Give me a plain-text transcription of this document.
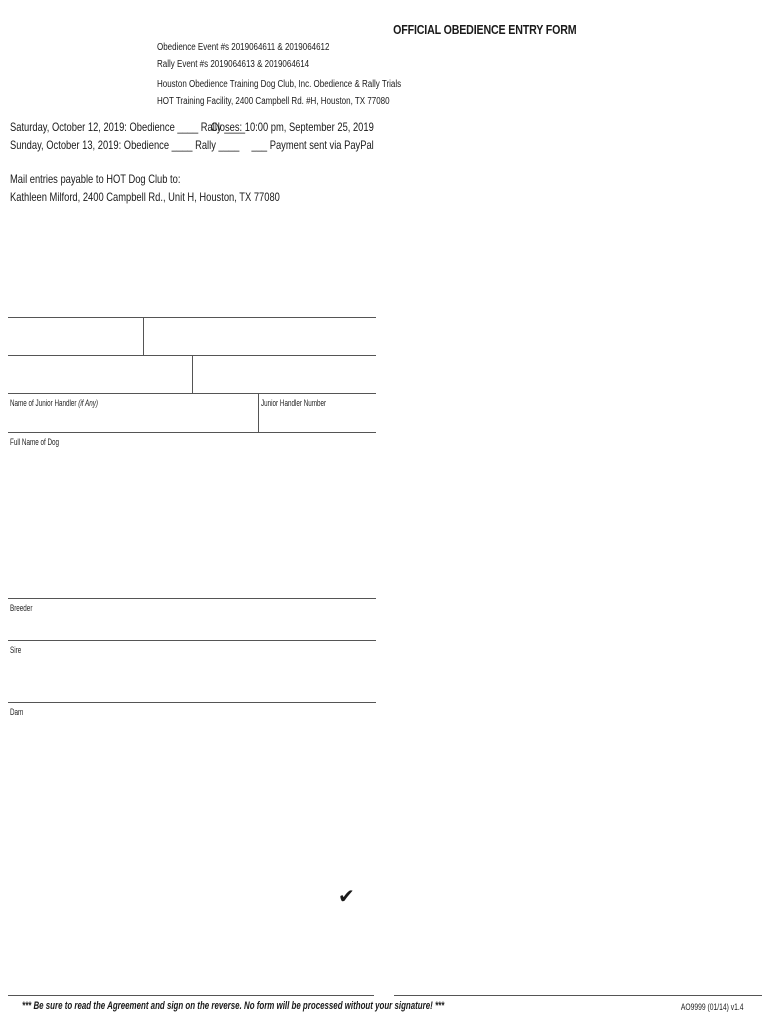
OFFICIAL OBEDIENCE ENTRY FORM
Obedience Event #s 2019064611 & 2019064612
Rally Event #s 2019064613 & 2019064614
Houston Obedience Training Dog Club, Inc. Obedience & Rally Trials
HOT Training Facility, 2400 Campbell Rd. #H, Houston, TX 77080
Saturday, October 12, 2019: Obedience ____ Rally ____
Sunday, October 13, 2019: Obedience ____ Rally ____
Closes: 10:00 pm, September 25, 2019
___ Payment sent via PayPal
Mail entries payable to HOT Dog Club to:
Kathleen Milford, 2400 Campbell Rd., Unit H, Houston, TX 77080
Name of Junior Handler (if Any)	Junior Handler Number
Full Name of Dog
Breeder
Sire
Dam
✔
*** Be sure to read the Agreement and sign on the reverse. No form will be processed without your signature! ***	AO9999 (01/14) v1.4
